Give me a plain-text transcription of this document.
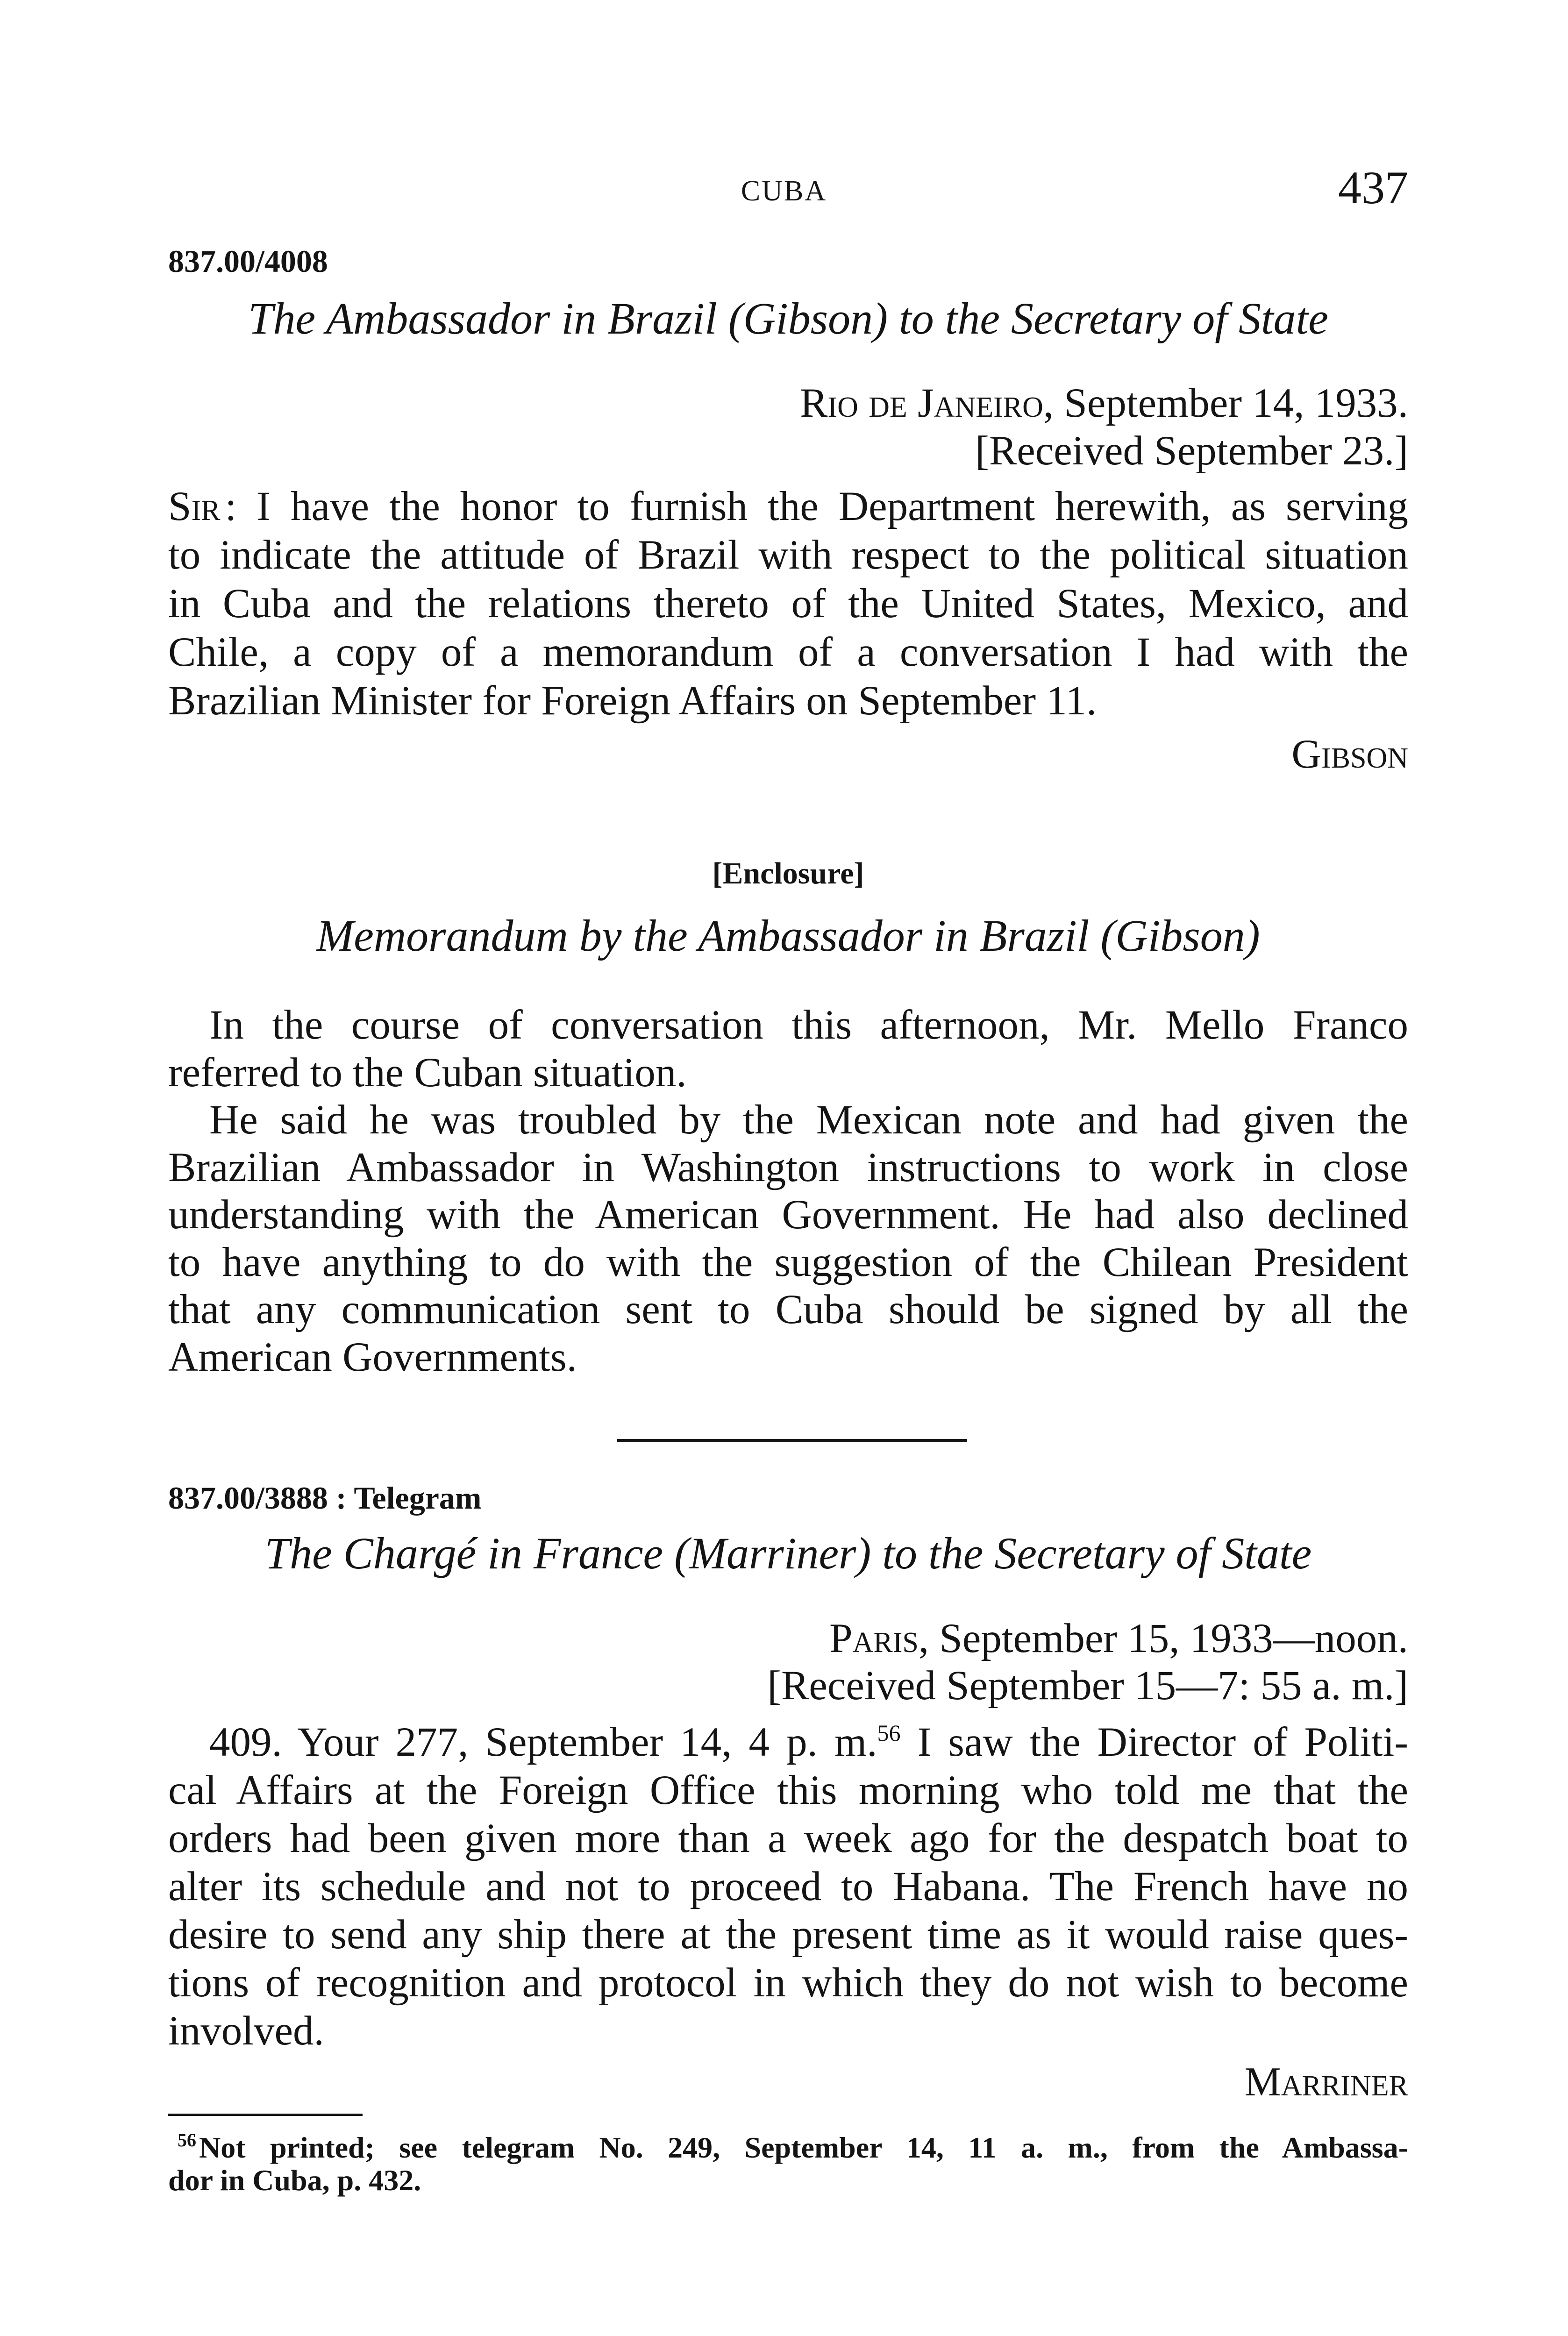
CUBA	437
837.00/4008
The Ambassador in Brazil (Gibson) to the Secretary of State
Rio de Janeiro, September 14, 1933.
[Received September 23.]
Sir : I have the honor to furnish the Department herewith, as serving
to indicate the attitude of Brazil with respect to the political situation
in Cuba and the relations thereto of the United States, Mexico, and
Chile, a copy of a memorandum of a conversation I had with the
Brazilian Minister for Foreign Affairs on September 11.
Gibson
[Enclosure]
Memorandum by the Ambassador in Brazil (Gibson)
In the course of conversation this afternoon, Mr. Mello Franco
referred to the Cuban situation.
He said he was troubled by the Mexican note and had given the
Brazilian Ambassador in Washington instructions to work in close
understanding with the American Government. He had also declined
to have anything to do with the suggestion of the Chilean President
that any communication sent to Cuba should be signed by all the
American Governments.
837.00/3888 : Telegram
The Chargé in France (Marriner) to the Secretary of State
Paris, September 15, 1933—noon.
[Received September 15—7: 55 a. m.]
409. Your 277, September 14, 4 p. m.$^{56}$ I saw the Director of Politi-
cal Affairs at the Foreign Office this morning who told me that the
orders had been given more than a week ago for the despatch boat to
alter its schedule and not to proceed to Habana. The French have no
desire to send any ship there at the present time as it would raise ques-
tions of recognition and protocol in which they do not wish to become
involved.
Marriner
$^{56}$Not printed; see telegram No. 249, September 14, 11 a. m., from the Ambassa-
dor in Cuba, p. 432.
